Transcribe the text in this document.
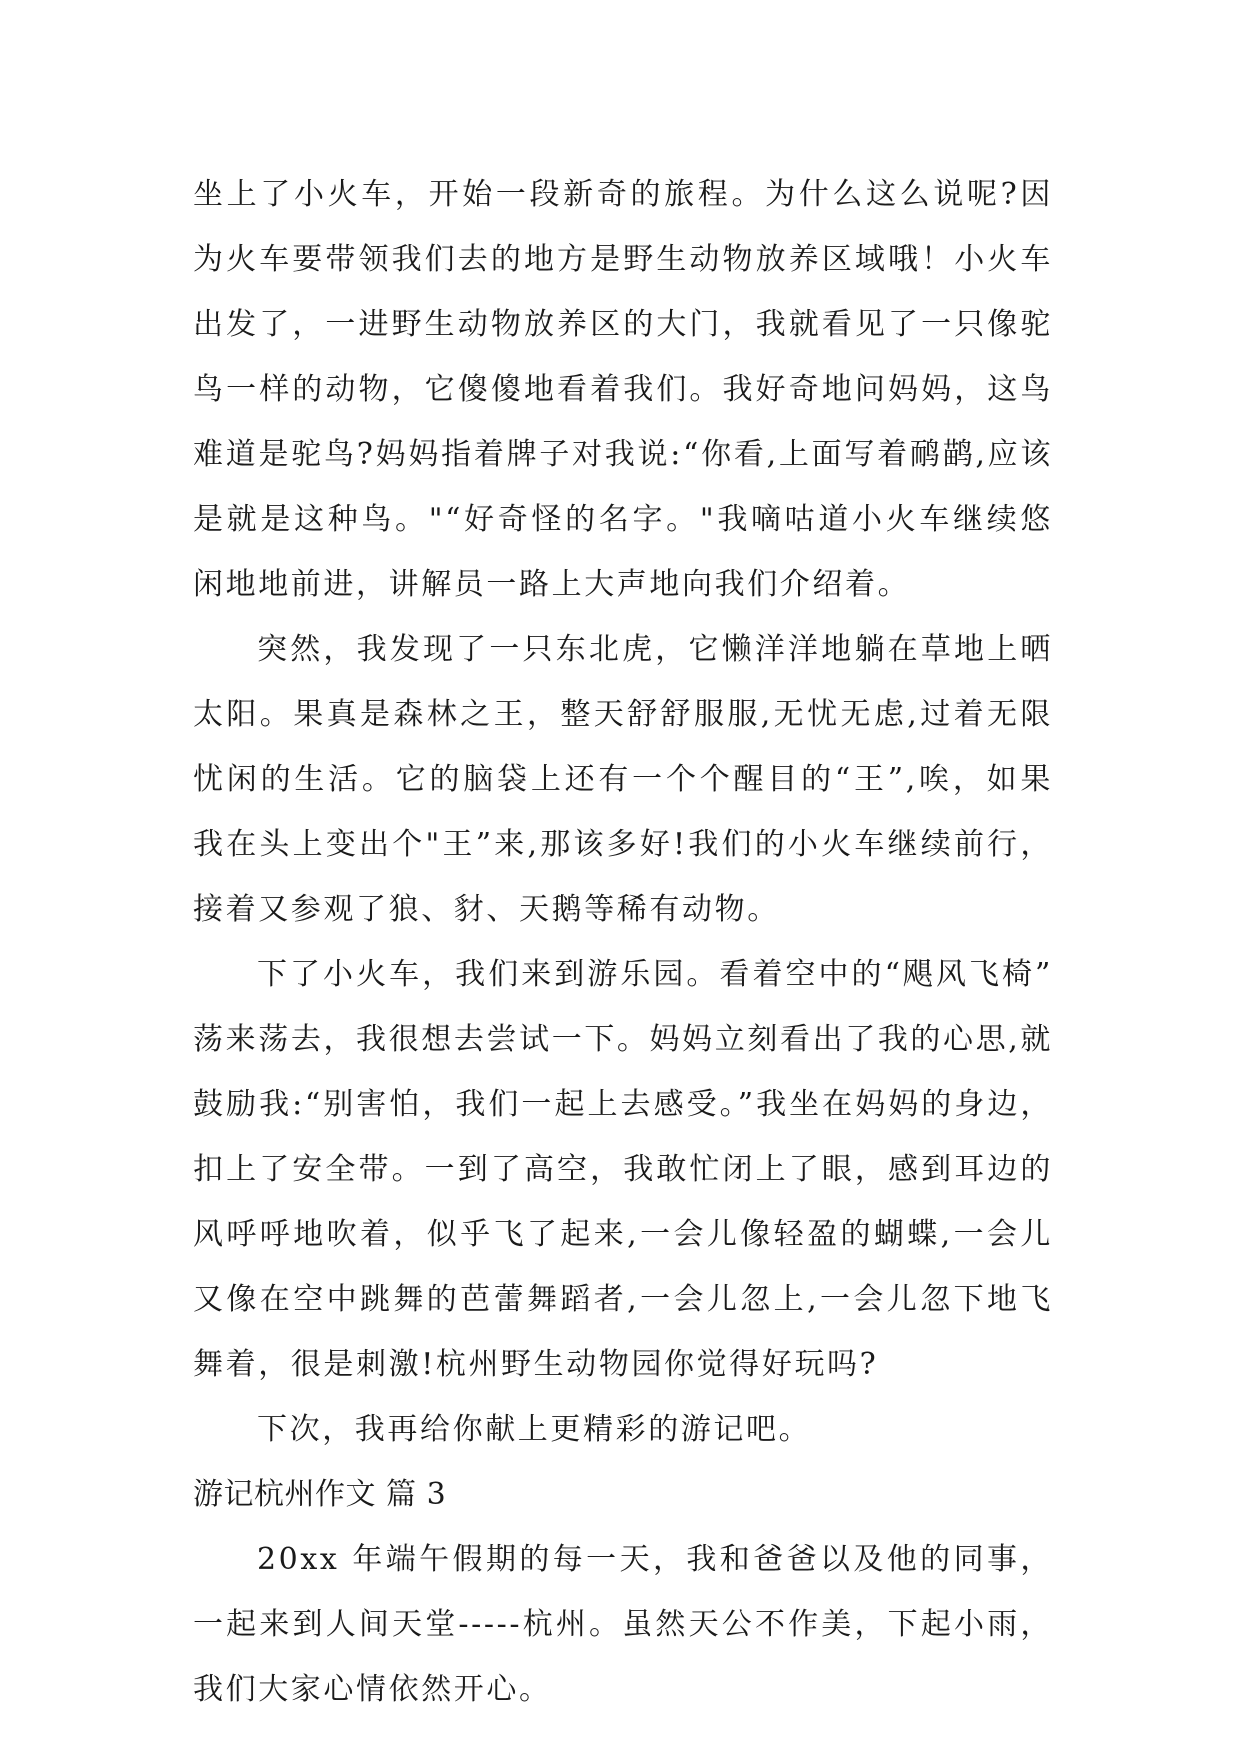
坐上了小火车，开始一段新奇的旅程。为什么这么说呢?因为火车要带领我们去的地方是野生动物放养区域哦！小火车出发了，一进野生动物放养区的大门，我就看见了一只像驼鸟一样的动物，它傻傻地看着我们。我好奇地问妈妈，这鸟难道是驼鸟?妈妈指着牌子对我说:“你看,上面写着鸸鹋,应该是就是这种鸟。"“好奇怪的名字。"我嘀咕道小火车继续悠闲地地前进，讲解员一路上大声地向我们介绍着。

突然，我发现了一只东北虎，它懒洋洋地躺在草地上晒太阳。果真是森林之王，整天舒舒服服,无忧无虑,过着无限忧闲的生活。它的脑袋上还有一个个醒目的“王”,唉，如果我在头上变出个"王”来,那该多好!我们的小火车继续前行，接着又参观了狼、豺、天鹅等稀有动物。

下了小火车，我们来到游乐园。看着空中的“飓风飞椅”荡来荡去，我很想去尝试一下。妈妈立刻看出了我的心思,就鼓励我:“别害怕，我们一起上去感受。”我坐在妈妈的身边，扣上了安全带。一到了高空，我敢忙闭上了眼，感到耳边的风呼呼地吹着，似乎飞了起来,一会儿像轻盈的蝴蝶,一会儿又像在空中跳舞的芭蕾舞蹈者,一会儿忽上,一会儿忽下地飞舞着，很是刺激!杭州野生动物园你觉得好玩吗?

下次，我再给你献上更精彩的游记吧。

游记杭州作文 篇 3

20xx 年端午假期的每一天，我和爸爸以及他的同事，一起来到人间天堂-----杭州。虽然天公不作美，下起小雨，我们大家心情依然开心。
